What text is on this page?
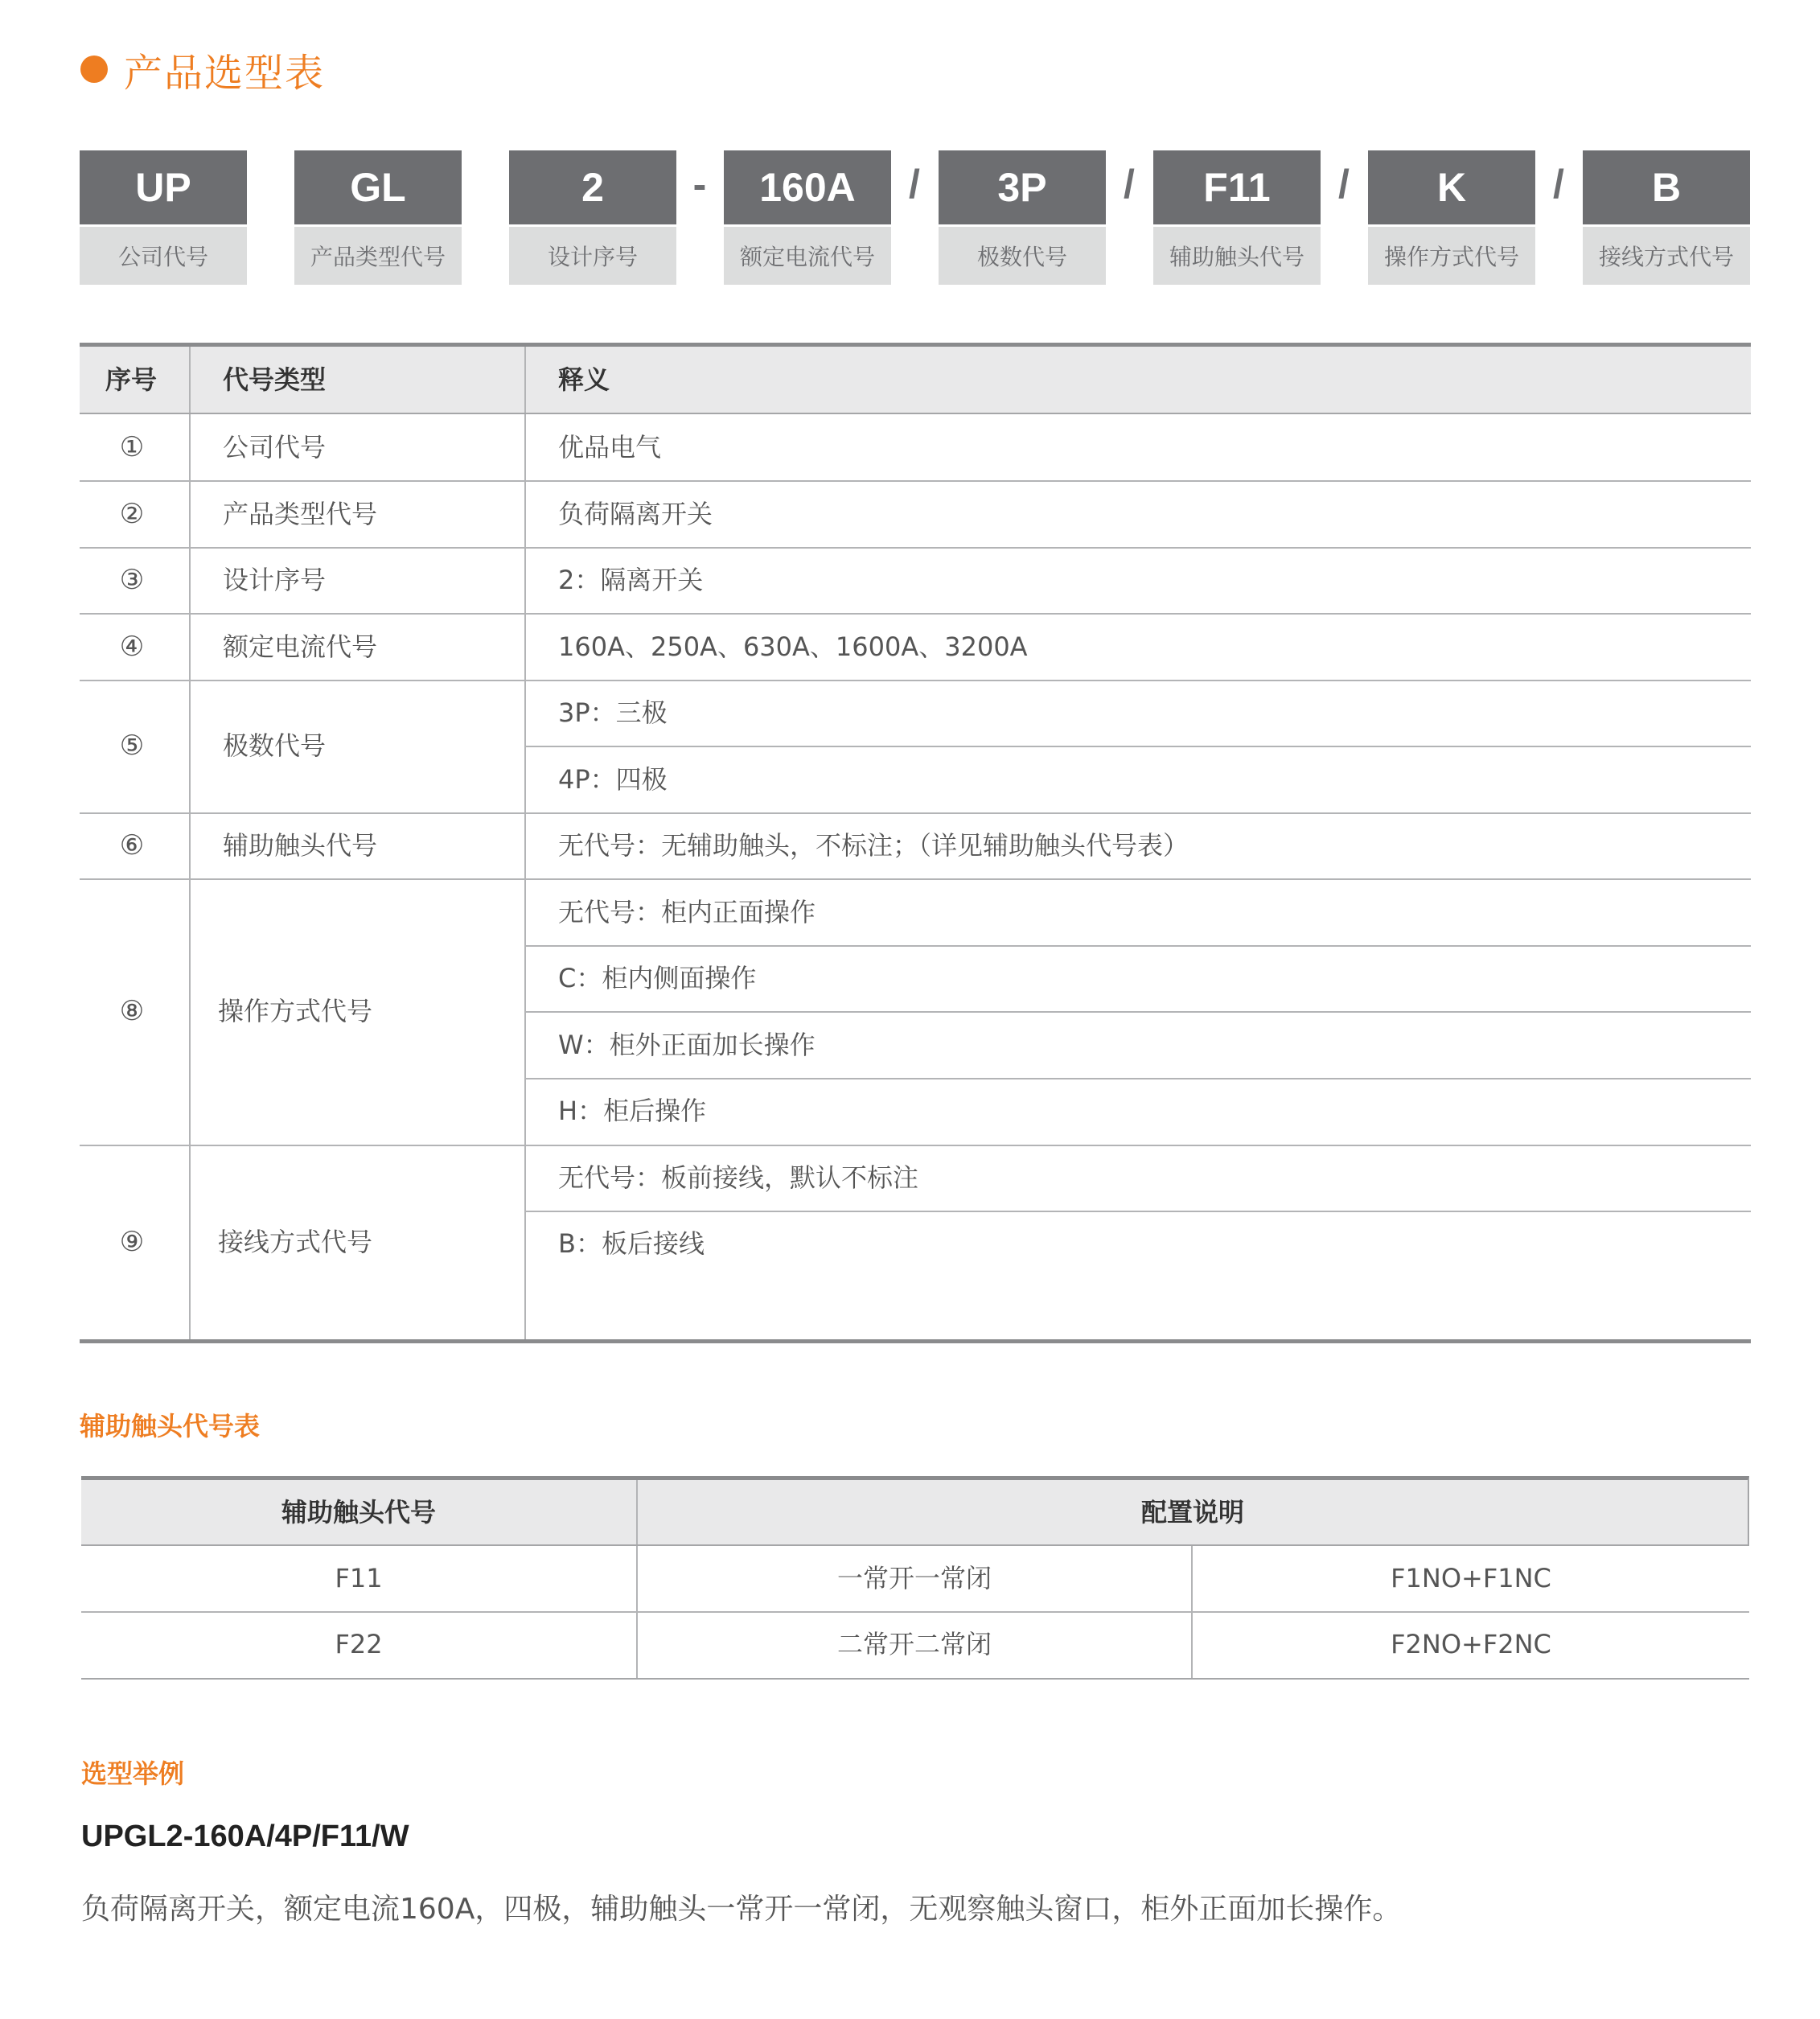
产品选型表
UP
公司代号
GL
产品类型代号
2
设计序号
-	160A
额定电流代号
/	3P
极数代号
/	F11
辅助触头代号
/	K
操作方式代号
/	B
接线方式代号
序号	代号类型	释义
①	公司代号	优品电气
②	产品类型代号	负荷隔离开关
③	设计序号	2：隔离开关
④	额定电流代号	160A、250A、630A、1600A、3200A
⑤	极数代号
3P：三极
4P：四极
⑥	辅助触头代号	无代号：无辅助触头，不标注；（详见辅助触头代号表）
⑧	操作方式代号
无代号：柜内正面操作
C：柜内侧面操作
W：柜外正面加长操作
H：柜后操作
⑨	接线方式代号
无代号：板前接线，默认不标注
B：板后接线
辅助触头代号表
辅助触头代号	配置说明
F11	一常开一常闭	F1NO+F1NC
F22	二常开二常闭	F2NO+F2NC
选型举例
UPGL2-160A/4P/F11/W
负荷隔离开关，额定电流160A，四极，辅助触头一常开一常闭，无观察触头窗口，柜外正面加长操作。
